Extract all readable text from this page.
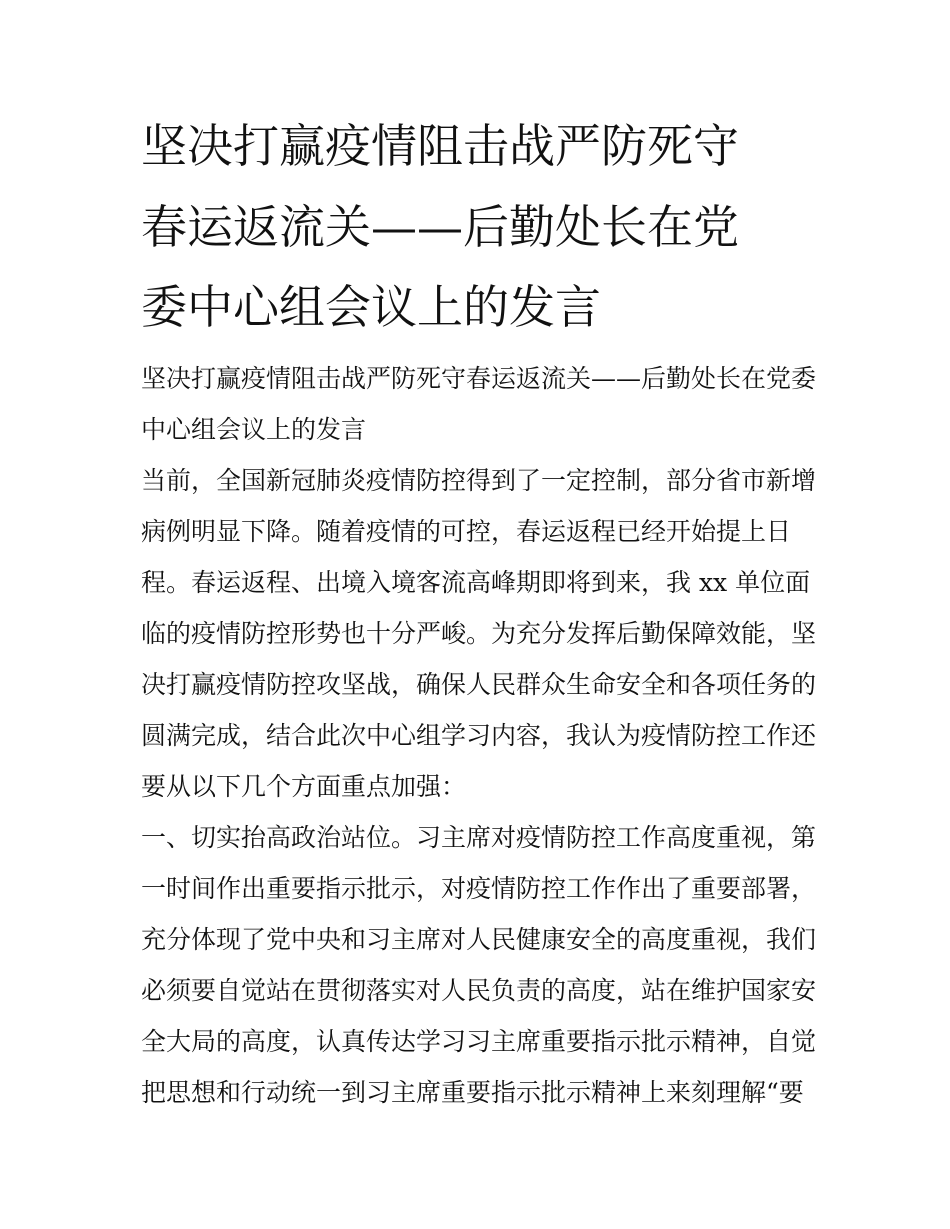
坚决打赢疫情阻击战严防死守
春运返流关——后勤处长在党
委中心组会议上的发言

坚决打赢疫情阻击战严防死守春运返流关——后勤处长在党委

中心组会议上的发言

当前，全国新冠肺炎疫情防控得到了一定控制，部分省市新增

病例明显下降。随着疫情的可控，春运返程已经开始提上日

程。春运返程、出境入境客流高峰期即将到来，我 xx 单位面

临的疫情防控形势也十分严峻。为充分发挥后勤保障效能，坚

决打赢疫情防控攻坚战，确保人民群众生命安全和各项任务的

圆满完成，结合此次中心组学习内容，我认为疫情防控工作还

要从以下几个方面重点加强：

一、切实抬高政治站位。习主席对疫情防控工作高度重视，第

一时间作出重要指示批示，对疫情防控工作作出了重要部署，

充分体现了党中央和习主席对人民健康安全的高度重视，我们

必须要自觉站在贯彻落实对人民负责的高度，站在维护国家安

全大局的高度，认真传达学习习主席重要指示批示精神，自觉

把思想和行动统一到习主席重要指示批示精神上来刻理解“要
